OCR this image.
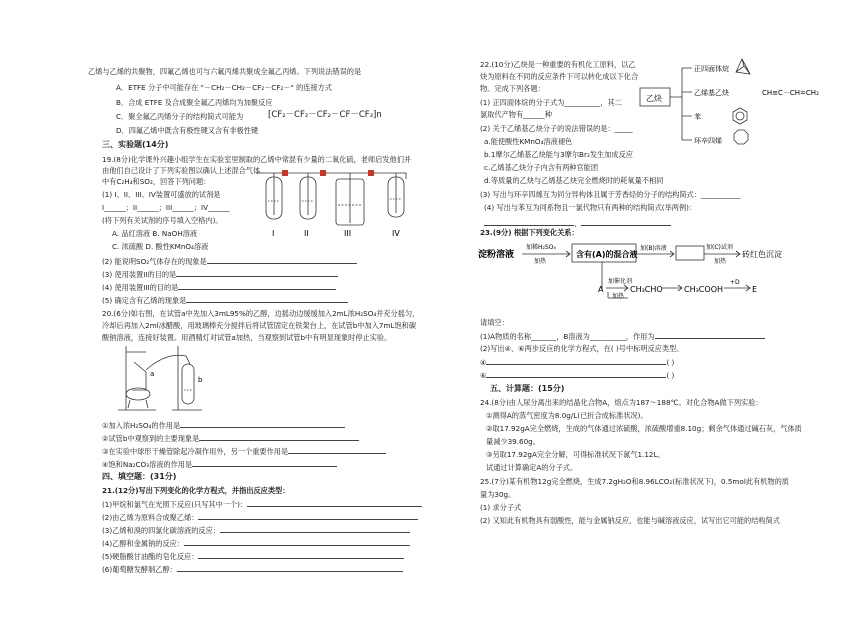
乙烯与乙烯的共聚物，四氟乙烯也可与六氟丙烯共聚成全氟乙丙烯。下列说法错误的是
A．ETFE 分子中可能存在 "－CH₂－CH₂－CF₂－CF₂－" 的连接方式
B．合成 ETFE 及合成聚全氟乙丙烯均为加聚反应
C．聚全氟乙丙烯分子的结构简式可能为	⁅CF₂－CF₂－CF₂－CF－CF₃⁆n
D．四氟乙烯中既含有极性键又含有非极性键
三、实验题(14分)
19.(8分)化学课外兴趣小组学生在实验室里制取的乙烯中常混有少量的二氧化硫，老师启发他们并
由他们自己设计了下列实验图以确认上述混合气体
中有C₂H₄和SO₂，回答下列问题：
(1) I、II、III、IV装置可盛放的试剂是
I______；II______；III______；IV______
(将下列有关试剂的序号填入空格内)。
A. 品红溶液 B. NaOH溶液
C. 浓硫酸 D. 酸性KMnO₄溶液
I	II	III	IV
(2) 能说明SO₂气体存在的现象是
(3) 使用装置II的目的是
(4) 使用装置III的目的是
(5) 确定含有乙烯的现象是
20.(6分)如右图，在试管a中先加入3mL95%的乙醇，边摇动边缓缓加入2mL浓H₂SO₄并充分摇匀，
冷却后再加入2ml冰醋酸，用玻璃棒充分搅拌后将试管固定在铁架台上，在试管b中加入7mL饱和碳
酸钠溶液，连接好装置。用酒精灯对试管a加热，当观察到试管b中有明显现象时停止实验。
a
b
①加入浓H₂SO₄的作用是
②试管b中观察到的主要现象是
③在实验中球形干燥管除起冷凝作用外，另一个重要作用是
④饱和Na₂CO₃溶液的作用是
四、填空题：(31分)
21.(12分)写出下列变化的化学方程式，并指出反应类型：
(1)甲烷和氯气在光照下反应(只写其中一个)：
(2)由乙烯为原料合成聚乙烯：
(3)乙烯和溴的四氯化碳溶液的反应：
(4)乙醇和金属钠的反应：
(5)硬脂酸甘油酯的皂化反应：
(6)葡萄糖发酵制乙醇：
22.(10分)乙炔是一种重要的有机化工原料，以乙
炔为原料在不同的反应条件下可以转化成以下化合
物。完成下列各题：
(1) 正四面体烷的分子式为__________，其二
氯取代产物有______种
(2) 关于乙烯基乙炔分子的说法错误的是：_____
a.能使酸性KMnO₄溶液褪色
b.1摩尔乙烯基乙炔能与3摩尔Br₂发生加成反应
c.乙烯基乙炔分子内含有两种官能团
d.等质量的乙炔与乙烯基乙炔完全燃烧时的耗氧量不相同
(3) 写出与环辛四烯互为同分异构体且属于芳香烃的分子的结构简式：___________
(4) 写出与苯互为同系物且一氯代物只有两种的结构简式(举两例)：
、
乙炔
正四面体烷
乙烯基乙炔
苯
环辛四烯
CH≡C－CH=CH₂
23.(9分) 根据下列变化关系：
淀粉溶液
加稀H₂SO₄
加热
含有(A)的混合液
加(B)溶液	加(C)试剂
加热
砖红色沉淀
A
加催化剂
加热
CH₃CHO	CH₃COOH
+D
E
请填空：
(1)A物质的名称_______，B溶液为__________，作用为
(2)写出④、⑥两步反应的化学方程式，在( )号中标明反应类型。
④	( )
⑥	( )
五、计算题：(15分)
24.(8分)由人尿分离出来的结晶化合物A，熔点为187～188℃。对化合物A做下列实验：
①测得A的蒸气密度为8.0g/L(已折合成标准状况)。
②取17.92gA完全燃烧，生成的气体通过浓硫酸，浓硫酸增重8.10g；剩余气体通过碱石灰，气体质
量减少39.60g。
③另取17.92gA完全分解，可得标准状况下氮气1.12L。
试通过计算确定A的分子式。
25.(7分)某有机物12g完全燃烧，生成7.2gH₂O和8.96LCO₂(标准状况下)，0.5mol此有机物的质
量为30g。
(1) 求分子式
(2) 又知此有机物具有弱酸性，能与金属钠反应，也能与碱溶液反应，试写出它可能的结构简式
